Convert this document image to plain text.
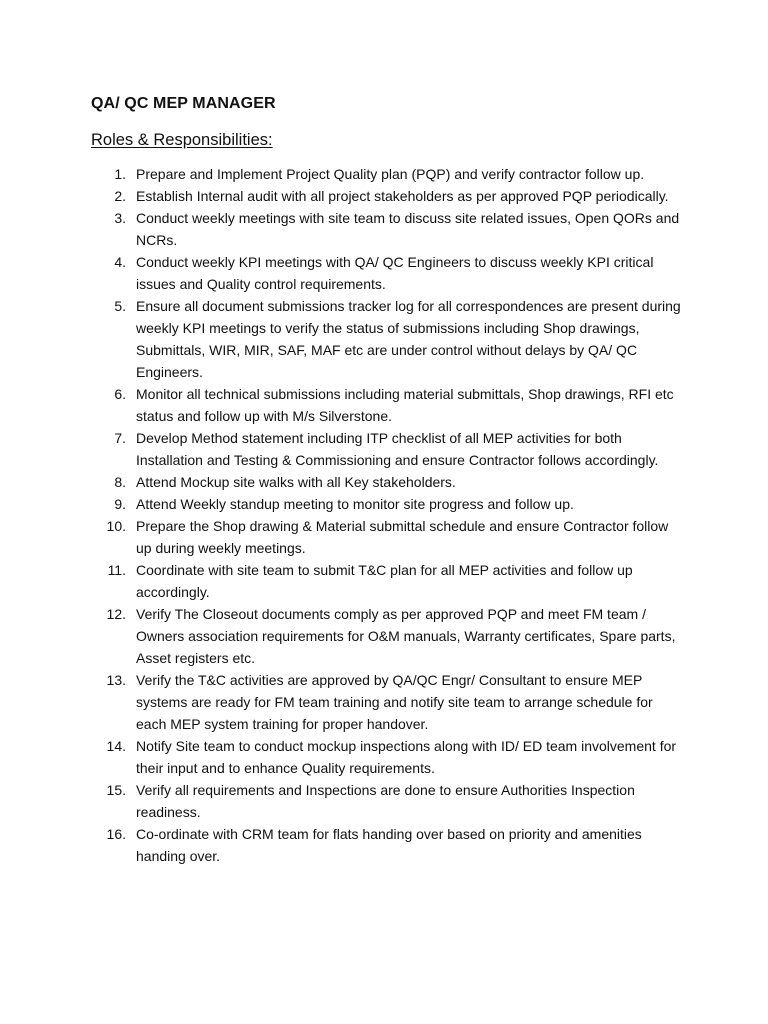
QA/ QC MEP MANAGER
Roles & Responsibilities:
1. Prepare and Implement Project Quality plan (PQP) and verify contractor follow up.
2. Establish Internal audit with all project stakeholders as per approved PQP periodically.
3. Conduct weekly meetings with site team to discuss site related issues, Open QORs and NCRs.
4. Conduct weekly KPI meetings with QA/ QC Engineers to discuss weekly KPI critical issues and Quality control requirements.
5. Ensure all document submissions tracker log for all correspondences are present during weekly KPI meetings to verify the status of submissions including Shop drawings, Submittals, WIR, MIR, SAF, MAF etc are under control without delays by QA/ QC Engineers.
6. Monitor all technical submissions including material submittals, Shop drawings, RFI etc status and follow up with M/s Silverstone.
7. Develop Method statement including ITP checklist of all MEP activities for both Installation and Testing & Commissioning and ensure Contractor follows accordingly.
8. Attend Mockup site walks with all Key stakeholders.
9. Attend Weekly standup meeting to monitor site progress and follow up.
10. Prepare the Shop drawing & Material submittal schedule and ensure Contractor follow up during weekly meetings.
11. Coordinate with site team to submit T&C plan for all MEP activities and follow up accordingly.
12. Verify The Closeout documents comply as per approved PQP and meet FM team / Owners association requirements for O&M manuals, Warranty certificates, Spare parts, Asset registers etc.
13. Verify the T&C activities are approved by QA/QC Engr/ Consultant to ensure MEP systems are ready for FM team training and notify site team to arrange schedule for each MEP system training for proper handover.
14. Notify Site team to conduct mockup inspections along with ID/ ED team involvement for their input and to enhance Quality requirements.
15. Verify all requirements and Inspections are done to ensure Authorities Inspection readiness.
16. Co-ordinate with CRM team for flats handing over based on priority and amenities handing over.
